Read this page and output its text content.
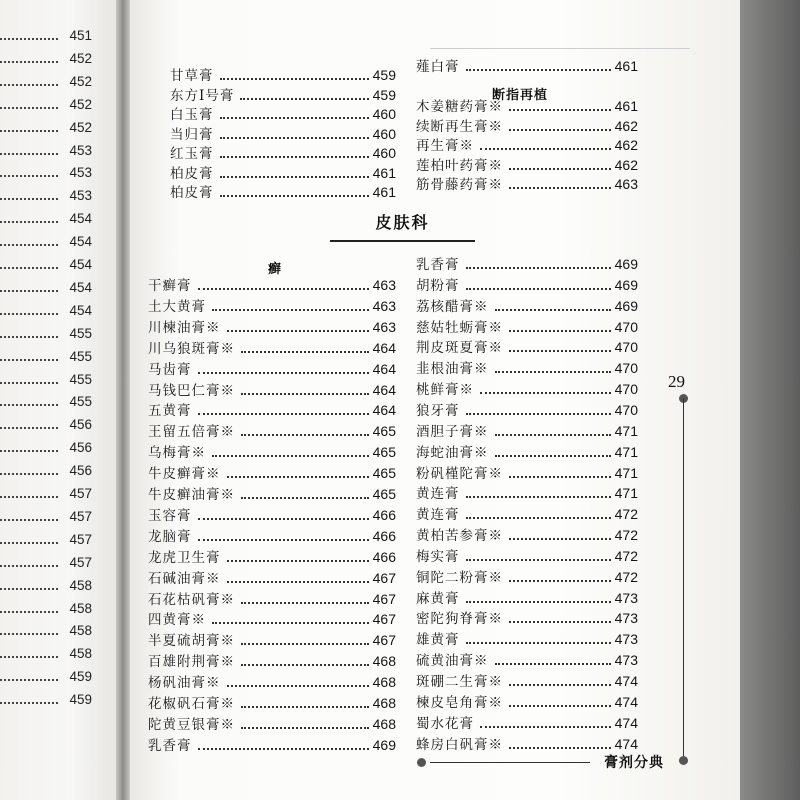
451
452
452
452
452
453
453
453
454
454
454
454
454
455
455
455
455
456
456
456
457
457
457
457
458
458
458
458
459
459
甘草膏	459
东方Ⅰ号膏	459
白玉膏	460
当归膏	460
红玉膏	460
柏皮膏	461
柏皮膏	461
薤白膏	461
木姜糖药膏※	461
续断再生膏※	462
再生膏※	462
莲柏叶药膏※	462
筋骨藤药膏※	463
干癣膏	463
土大黄膏	463
川楝油膏※	463
川乌狼斑膏※	464
马齿膏	464
马钱巴仁膏※	464
五黄膏	464
王留五倍膏※	465
乌梅膏※	465
牛皮癣膏※	465
牛皮癣油膏※	465
玉容膏	466
龙脑膏	466
龙虎卫生膏	466
石碱油膏※	467
石花枯矾膏※	467
四黄膏※	467
半夏硫胡膏※	467
百雄附荆膏※	468
杨矾油膏※	468
花椒矾石膏※	468
陀黄豆银膏※	468
乳香膏	469
乳香膏	469
胡粉膏	469
荔核醋膏※	469
慈姑牡蛎膏※	470
荆皮斑夏膏※	470
韭根油膏※	470
桃鲜膏※	470
狼牙膏	470
酒胆子膏※	471
海蛇油膏※	471
粉矾槿陀膏※	471
黄连膏	471
黄连膏	472
黄柏苦参膏※	472
梅实膏	472
铜陀二粉膏※	472
麻黄膏	473
密陀狗脊膏※	473
雄黄膏	473
硫黄油膏※	473
斑硼二生膏※	474
楝皮皂角膏※	474
蜀水花膏	474
蜂房白矾膏※	474
断指再植
皮肤科
癣
29
膏剂分典
